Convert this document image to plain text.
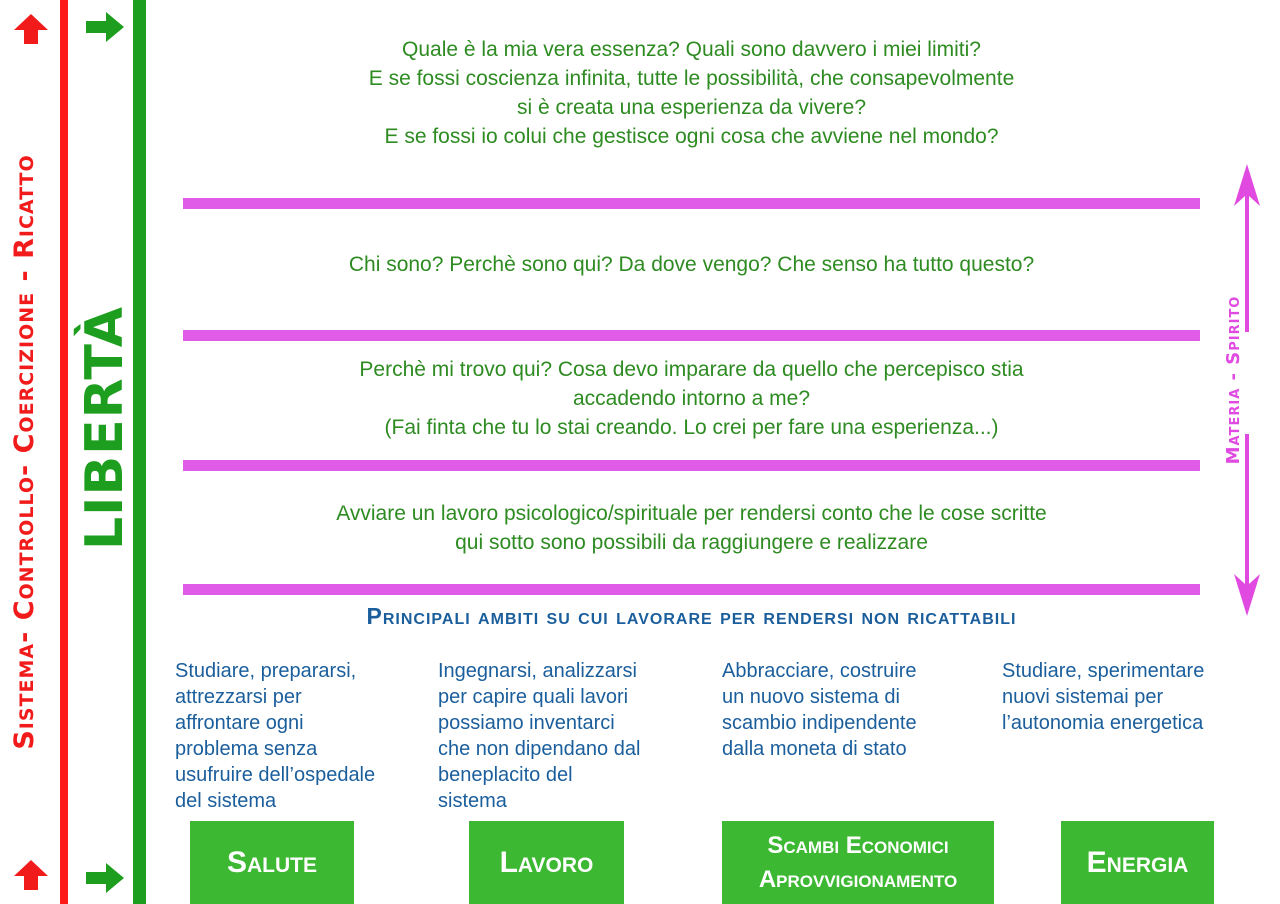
Sistema- Controllo- Coercizione - Ricatto LIBERTÀ	Materia - Spirito
Quale è la mia vera essenza? Quali sono davvero i miei limiti?
E se fossi coscienza infinita, tutte le possibilità, che consapevolmente
si è creata una esperienza da vivere?
E se fossi io colui che gestisce ogni cosa che avviene nel mondo?
Chi sono? Perchè sono qui? Da dove vengo? Che senso ha tutto questo?
Perchè mi trovo qui? Cosa devo imparare da quello che percepisco stia
accadendo intorno a me?
(Fai finta che tu lo stai creando. Lo crei per fare una esperienza...)
Avviare un lavoro psicologico/spirituale per rendersi conto che le cose scritte
qui sotto sono possibili da raggiungere e realizzare
Principali ambiti su cui lavorare per rendersi non ricattabili
Studiare, prepararsi,
attrezzarsi per
affrontare ogni
problema senza
usufruire dell’ospedale
del sistema
Ingegnarsi, analizzarsi
per capire quali lavori
possiamo inventarci
che non dipendano dal
beneplacito del
sistema
Abbracciare, costruire
un nuovo sistema di
scambio indipendente
dalla moneta di stato
Studiare, sperimentare
nuovi sistemai per
l’autonomia energetica
Salute	Lavoro
Scambi Economici
Aprovvigionamento
Energia
